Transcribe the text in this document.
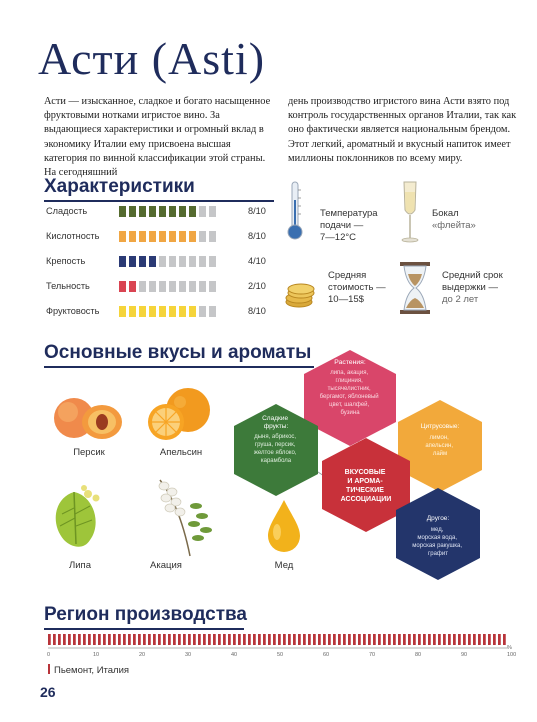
Асти (Asti)
Асти — изысканное, сладкое и богато насыщенное фруктовыми нотками игристое вино. За выдающиеся характеристики и огромный вклад в экономику Италии ему присвоена высшая категория по винной классификации этой страны. На сегодняшний
день производство игристого вина Асти взято под контроль государственных органов Италии, так как оно фактически является национальным брендом. Этот легкий, ароматный и вкусный напиток имеет миллионы поклонников по всему миру.
Характеристики
Сладость	8/10
Кислотность	8/10
Крепость	4/10
Тельность	2/10
Фруктовость	8/10
Температура подачи —
7—12°С
Бокал
«флейта»
Средняя стоимость —
10—15$
Средний срок выдержки —
до 2 лет
Основные вкусы и ароматы
Персик	Апельсин
Липа	Акация	Мед
Растения:
липа, акация, глициния, тысячелистник, бергамот, яблоневый цвет, шалфей, бузина
Сладкие фрукты:
дыня, абрикос, груша, персик, желтое яблоко, карамбола
Цитрусовые:
лимон, апельсин, лайм
ВКУСОВЫЕ И АРОМА- ТИЧЕСКИЕ АССОЦИАЦИИ
Другое:
мед, морская вода, морская ракушка, графит
Регион производства
0	10	20	30	40	50	60	70	80	90	100
%
Пьемонт, Италия
26
